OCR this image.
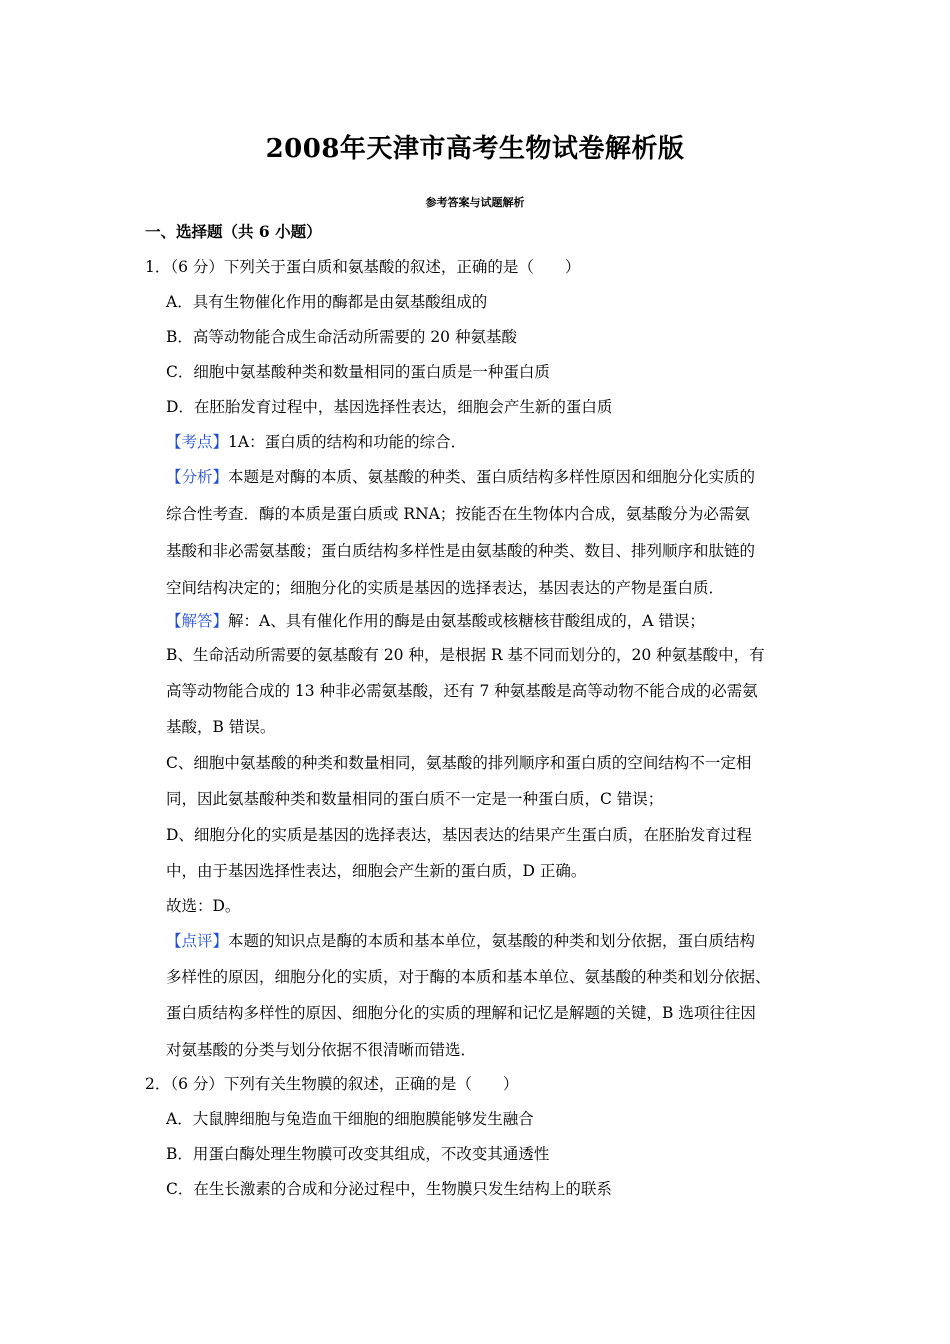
2008年天津市高考生物试卷解析版
参考答案与试题解析
一、选择题（共 6 小题）
1．（6 分）下列关于蛋白质和氨基酸的叙述，正确的是（　　）
A．具有生物催化作用的酶都是由氨基酸组成的
B．高等动物能合成生命活动所需要的 20 种氨基酸
C．细胞中氨基酸种类和数量相同的蛋白质是一种蛋白质
D．在胚胎发育过程中，基因选择性表达，细胞会产生新的蛋白质
【考点】1A：蛋白质的结构和功能的综合．
【分析】本题是对酶的本质、氨基酸的种类、蛋白质结构多样性原因和细胞分化实质的
综合性考查．酶的本质是蛋白质或 RNA；按能否在生物体内合成，氨基酸分为必需氨
基酸和非必需氨基酸；蛋白质结构多样性是由氨基酸的种类、数目、排列顺序和肽链的
空间结构决定的；细胞分化的实质是基因的选择表达，基因表达的产物是蛋白质．
【解答】解：A、具有催化作用的酶是由氨基酸或核糖核苷酸组成的，A 错误；
B、生命活动所需要的氨基酸有 20 种，是根据 R 基不同而划分的，20 种氨基酸中，有
高等动物能合成的 13 种非必需氨基酸，还有 7 种氨基酸是高等动物不能合成的必需氨
基酸，B 错误。
C、细胞中氨基酸的种类和数量相同，氨基酸的排列顺序和蛋白质的空间结构不一定相
同，因此氨基酸种类和数量相同的蛋白质不一定是一种蛋白质，C 错误；
D、细胞分化的实质是基因的选择表达，基因表达的结果产生蛋白质，在胚胎发育过程
中，由于基因选择性表达，细胞会产生新的蛋白质，D 正确。
故选：D。
【点评】本题的知识点是酶的本质和基本单位，氨基酸的种类和划分依据，蛋白质结构
多样性的原因，细胞分化的实质，对于酶的本质和基本单位、氨基酸的种类和划分依据、
蛋白质结构多样性的原因、细胞分化的实质的理解和记忆是解题的关键，B 选项往往因
对氨基酸的分类与划分依据不很清晰而错选．
2．（6 分）下列有关生物膜的叙述，正确的是（　　）
A．大鼠脾细胞与兔造血干细胞的细胞膜能够发生融合
B．用蛋白酶处理生物膜可改变其组成，不改变其通透性
C．在生长激素的合成和分泌过程中，生物膜只发生结构上的联系
